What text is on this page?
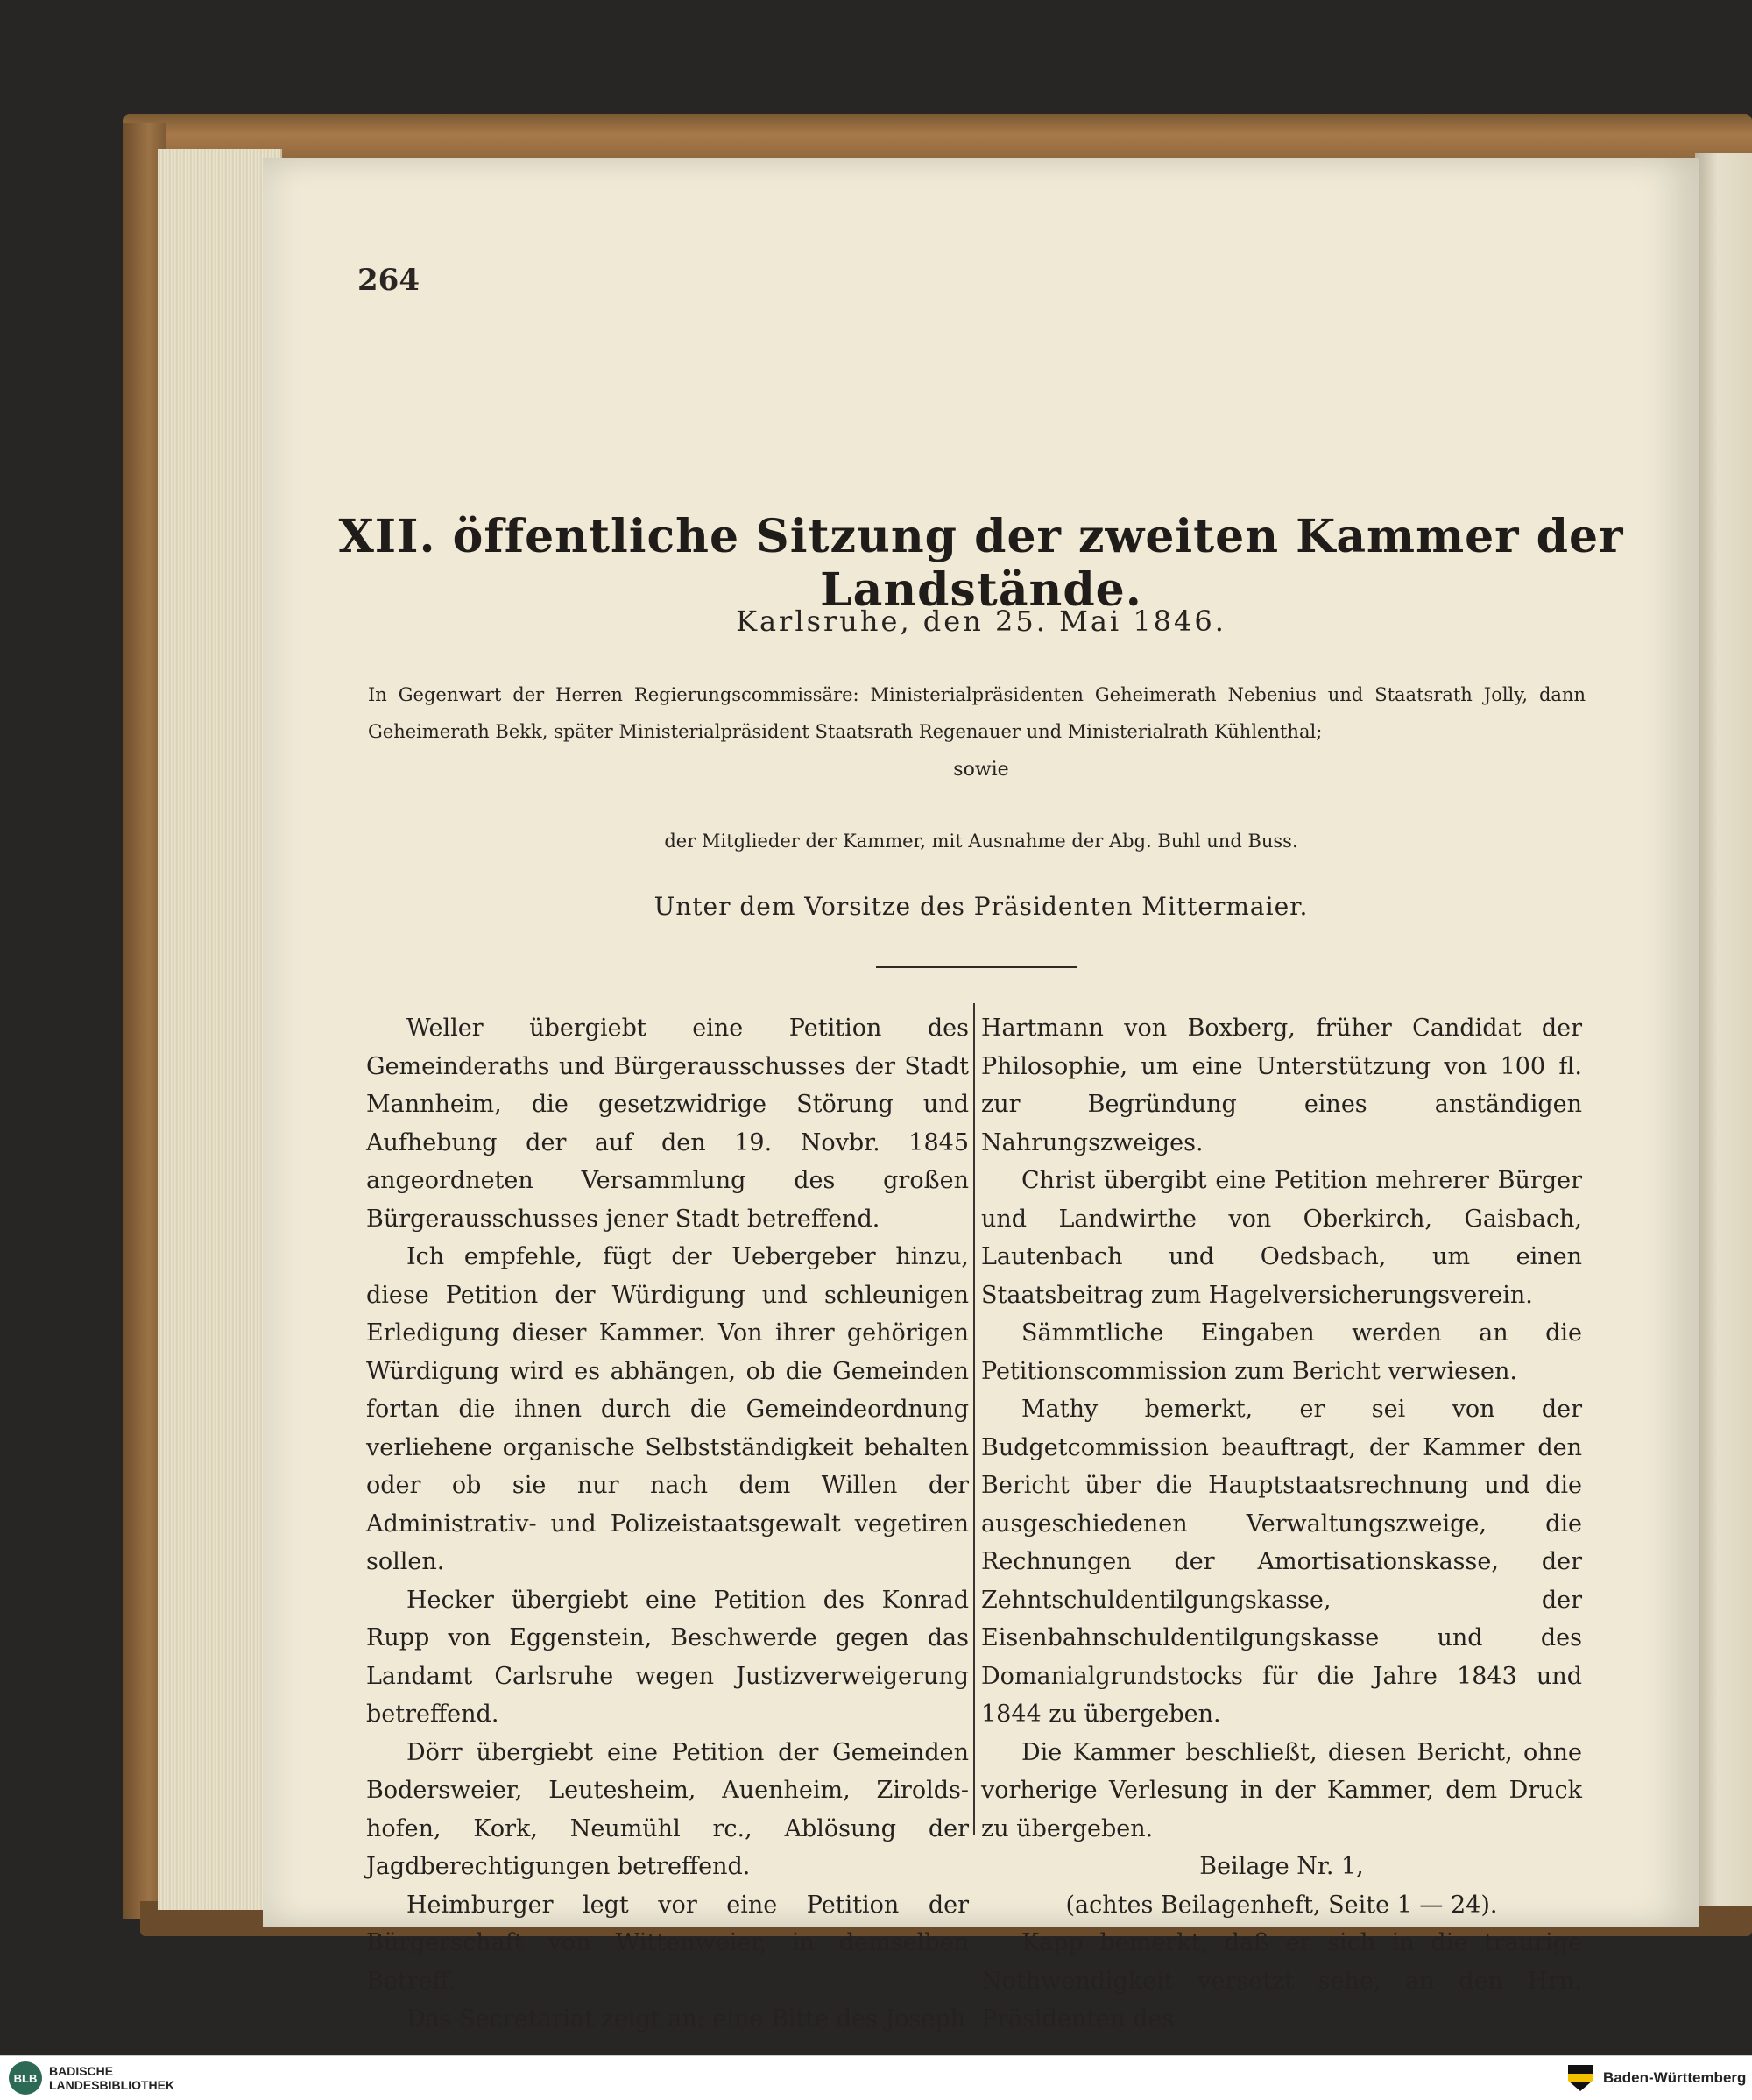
264
XII. öffentliche Sitzung der zweiten Kammer der Landstände.
Karlsruhe, den 25. Mai 1846.
In Gegenwart der Herren Regierungscommissäre: Ministerialpräsidenten Geheimerath Nebenius und Staatsrath Jolly, dann Geheimerath Bekk, später Ministerialpräsident Staatsrath Regenauer und Ministerialrath Kühlenthal;
sowie
der Mitglieder der Kammer, mit Ausnahme der Abg. Buhl und Buss.
Unter dem Vorsitze des Präsidenten Mittermaier.

Weller übergiebt eine Petition des Gemeinderaths und Bürgerausschusses der Stadt Mannheim, die gesetzwidrige Störung und Aufhebung der auf den 19. Novbr. 1845 angeordneten Versammlung des großen Bürgerausschusses jener Stadt betreffend.

Ich empfehle, fügt der Uebergeber hinzu, diese Petition der Würdigung und schleunigen Erledigung dieser Kammer. Von ihrer gehörigen Würdigung wird es abhängen, ob die Gemeinden fortan die ihnen durch die Gemeindeordnung verliehene organische Selbstständigkeit behalten oder ob sie nur nach dem Willen der Administrativ- und Polizeistaatsgewalt vegetiren sollen.

Hecker übergiebt eine Petition des Konrad Rupp von Eggenstein, Beschwerde gegen das Landamt Carlsruhe wegen Justizverweigerung betreffend.

Dörr übergiebt eine Petition der Gemeinden Bodersweier, Leutesheim, Auenheim, Zirolds-hofen, Kork, Neumühl rc., Ablösung der Jagdberechtigungen betreffend.

Heimburger legt vor eine Petition der Bürgerschaft von Wittenweier, in demselben Betreff.

Das Secretariat zeigt an: eine Bitte des Joseph

Hartmann von Boxberg, früher Candidat der Philosophie, um eine Unterstützung von 100 fl. zur Begründung eines anständigen Nahrungszweiges.

Christ übergibt eine Petition mehrerer Bürger und Landwirthe von Oberkirch, Gaisbach, Lautenbach und Oedsbach, um einen Staatsbeitrag zum Hagelversicherungsverein.

Sämmtliche Eingaben werden an die Petitionscommission zum Bericht verwiesen.

Mathy bemerkt, er sei von der Budgetcommission beauftragt, der Kammer den Bericht über die Hauptstaatsrechnung und die ausgeschiedenen Verwaltungszweige, die Rechnungen der Amortisationskasse, der Zehntschuldentilgungskasse, der Eisenbahnschuldentilgungskasse und des Domanialgrundstocks für die Jahre 1843 und 1844 zu übergeben.

Die Kammer beschließt, diesen Bericht, ohne vorherige Verlesung in der Kammer, dem Druck zu übergeben.

Beilage Nr. 1,

(achtes Beilagenheft, Seite 1 — 24).

Kapp bemerkt, daß er sich in die traurige Nothwendigkeit versetzt sehe, an den Hrn. Präsidenten des

BLB BADISCHE
LANDESBIBLIOTHEK	Baden-Württemberg
